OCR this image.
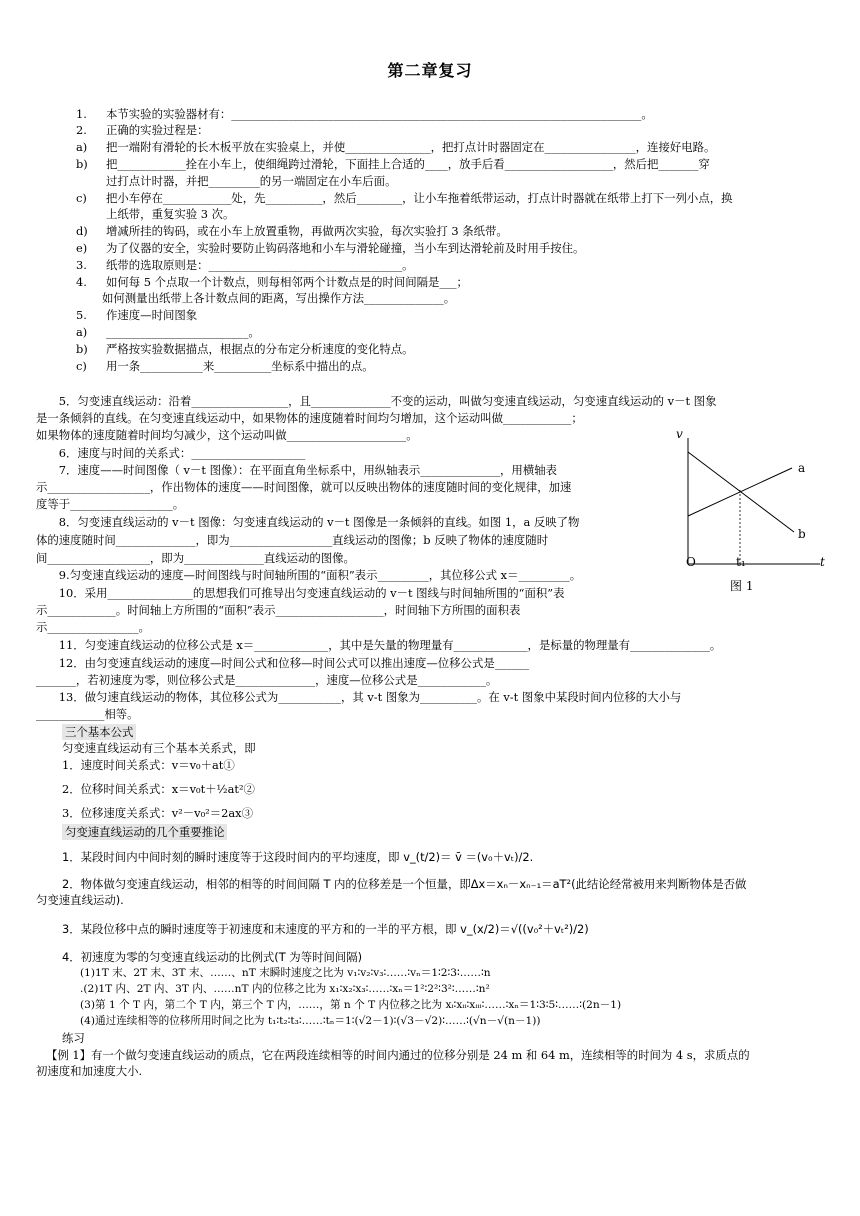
第二章复习
1. 本节实验的实验器材有：________________________________________________________________________。
2. 正确的实验过程是：
a) 把一端附有滑轮的长木板平放在实验桌上，并使_______________，把打点计时器固定在________________，连接好电路。
b) 把____________拴在小车上，使细绳跨过滑轮，下面挂上合适的____，放手后看___________________，然后把_______穿
过打点计时器，并把_________的另一端固定在小车后面。
c) 把小车停在____________处，先__________，然后________，让小车拖着纸带运动，打点计时器就在纸带上打下一列小点，换
上纸带，重复实验 3 次。
d) 增减所挂的钩码，或在小车上放置重物，再做两次实验，每次实验打 3 条纸带。
e) 为了仪器的安全，实验时要防止钩码落地和小车与滑轮碰撞，当小车到达滑轮前及时用手按住。
3. 纸带的选取原则是：__________________________________。
4. 如何每 5 个点取一个计数点，则每相邻两个计数点是的时间间隔是___；
如何测量出纸带上各计数点间的距离，写出操作方法______________。
5. 作速度—时间图象
a) _________________________。
b) 严格按实验数据描点，根据点的分布定分析速度的变化特点。
c) 用一条___________来__________坐标系中描出的点。
　　5．匀变速直线运动：沿着_________________，且______________不变的运动，叫做匀变速直线运动，匀变速直线运动的 v－t 图象
是一条倾斜的直线。在匀变速直线运动中，如果物体的速度随着时间均匀增加，这个运动叫做____________；
如果物体的速度随着时间均匀减少，这个运动叫做_____________________。
　　6．速度与时间的关系式：____________________
　　7．速度——时间图像（ v－t 图像）：在平面直角坐标系中，用纵轴表示______________，用横轴表
示__________________，作出物体的速度——时间图像，就可以反映出物体的速度随时间的变化规律，加速
度等于__________________。
　　8．匀变速直线运动的 v－t 图像：匀变速直线运动的 v－t 图像是一条倾斜的直线。如图 1，a 反映了物
体的速度随时间______________，即为__________________直线运动的图像；b 反映了物体的速度随时
间__________________，即为______________直线运动的图像。
　　9.匀变速直线运动的速度—时间图线与时间轴所围的“面积”表示_________，其位移公式 x＝_________。
　　10．采用_______________的思想我们可推导出匀变速直线运动的 v－t 图线与时间轴所围的“面积”表
示____________。时间轴上方所围的“面积”表示___________________，时间轴下方所围的面积表
示________________。
　　11．匀变速直线运动的位移公式是 x＝_____________，其中是矢量的物理量有_____________，是标量的物理量有______________。
　　12．由匀变速直线运动的速度—时间公式和位移—时间公式可以推出速度—位移公式是______
_______，若初速度为零，则位移公式是______________，速度—位移公式是____________。
　　13．做匀速直线运动的物体，其位移公式为___________，其 v-t 图象为__________。在 v-t 图象中某段时间内位移的大小与
____________相等。
v
t
O	t₁
a
b
图 1
三个基本公式
匀变速直线运动有三个基本关系式，即
1．速度时间关系式：v＝v₀＋at①
2．位移时间关系式：x＝v₀t＋½at²②
3．位移速度关系式：v²－v₀²＝2ax③
匀变速直线运动的几个重要推论
1．某段时间内中间时刻的瞬时速度等于这段时间内的平均速度，即 v_(t/2)＝ v̄ ＝(v₀＋vₜ)/2.
2．物体做匀变速直线运动，相邻的相等的时间间隔 T 内的位移差是一个恒量，即Δx＝xₙ－xₙ₋₁＝aT²(此结论经常被用来判断物体是否做
匀变速直线运动).
3．某段位移中点的瞬时速度等于初速度和末速度的平方和的一半的平方根，即 v_(x/2)＝√((v₀²＋vₜ²)/2)
4．初速度为零的匀变速直线运动的比例式(T 为等时间间隔)
(1)1T 末、2T 末、3T 末、……、nT 末瞬时速度之比为 v₁∶v₂∶v₃∶……∶vₙ＝1∶2∶3∶……∶n
.(2)1T 内、2T 内、3T 内、……nT 内的位移之比为 x₁∶x₂∶x₃∶……∶xₙ＝1²∶2²∶3²∶……∶n²
(3)第 1 个 T 内，第二个 T 内，第三个 T 内，……，第 n 个 T 内位移之比为 xᵢ∶xᵢᵢ∶xᵢᵢᵢ∶……∶xₙ＝1∶3∶5∶……∶(2n－1)
(4)通过连续相等的位移所用时间之比为 t₁∶t₂∶t₃∶……∶tₙ＝1∶(√2－1)∶(√3－√2)∶……∶(√n－√(n－1))
练习
【例 1】有一个做匀变速直线运动的质点，它在两段连续相等的时间内通过的位移分别是 24 m 和 64 m，连续相等的时间为 4 s，求质点的
初速度和加速度大小.
